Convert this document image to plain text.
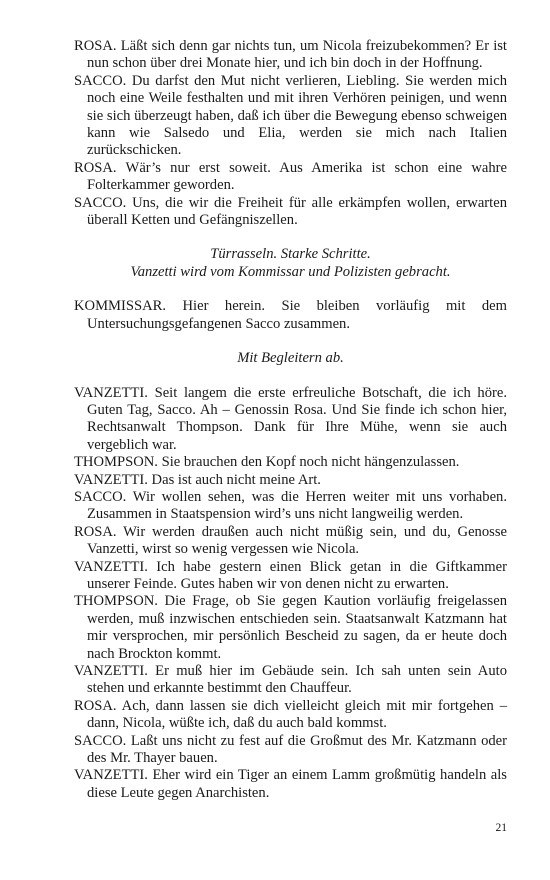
ROSA. Läßt sich denn gar nichts tun, um Nicola freizubekommen? Er ist nun schon über drei Monate hier, und ich bin doch in der Hoffnung.

SACCO. Du darfst den Mut nicht verlieren, Liebling. Sie werden mich noch eine Weile festhalten und mit ihren Verhören peinigen, und wenn sie sich überzeugt haben, daß ich über die Bewegung ebenso schweigen kann wie Salsedo und Elia, werden sie mich nach Italien zurückschicken.

ROSA. Wär’s nur erst soweit. Aus Amerika ist schon eine wahre Folterkammer geworden.

SACCO. Uns, die wir die Freiheit für alle erkämpfen wollen, erwarten überall Ketten und Gefängniszellen.

Türrasseln. Starke Schritte.

Vanzetti wird vom Kommissar und Polizisten gebracht.

KOMMISSAR. Hier herein. Sie bleiben vorläufig mit dem Untersuchungsgefangenen Sacco zusammen.

Mit Begleitern ab.

VANZETTI. Seit langem die erste erfreuliche Botschaft, die ich höre. Guten Tag, Sacco. Ah – Genossin Rosa. Und Sie finde ich schon hier, Rechtsanwalt Thompson. Dank für Ihre Mühe, wenn sie auch vergeblich war.

THOMPSON. Sie brauchen den Kopf noch nicht hängenzulassen.

VANZETTI. Das ist auch nicht meine Art.

SACCO. Wir wollen sehen, was die Herren weiter mit uns vorhaben. Zusammen in Staatspension wird’s uns nicht langweilig werden.

ROSA. Wir werden draußen auch nicht müßig sein, und du, Genosse Vanzetti, wirst so wenig vergessen wie Nicola.

VANZETTI. Ich habe gestern einen Blick getan in die Giftkammer unserer Feinde. Gutes haben wir von denen nicht zu erwarten.

THOMPSON. Die Frage, ob Sie gegen Kaution vorläufig freigelassen werden, muß inzwischen entschieden sein. Staatsanwalt Katzmann hat mir versprochen, mir persönlich Bescheid zu sagen, da er heute doch nach Brockton kommt.

VANZETTI. Er muß hier im Gebäude sein. Ich sah unten sein Auto stehen und erkannte bestimmt den Chauffeur.

ROSA. Ach, dann lassen sie dich vielleicht gleich mit mir fortgehen – dann, Nicola, wüßte ich, daß du auch bald kommst.

SACCO. Laßt uns nicht zu fest auf die Großmut des Mr. Katzmann oder des Mr. Thayer bauen.

VANZETTI. Eher wird ein Tiger an einem Lamm großmütig handeln als diese Leute gegen Anarchisten.

21
